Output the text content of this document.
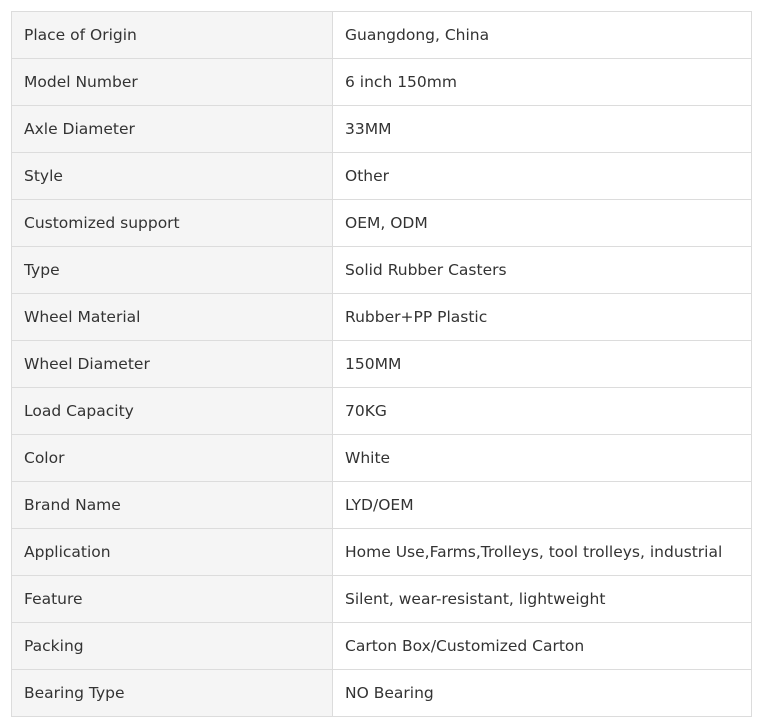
Place of Origin	Guangdong, China
Model Number	6 inch 150mm
Axle Diameter	33MM
Style	Other
Customized support	OEM, ODM
Type	Solid Rubber Casters
Wheel Material	Rubber+PP Plastic
Wheel Diameter	150MM
Load Capacity	70KG
Color	White
Brand Name	LYD/OEM
Application	Home Use,Farms,Trolleys, tool trolleys, industrial
Feature	Silent, wear-resistant, lightweight
Packing	Carton Box/Customized Carton
Bearing Type	NO Bearing
